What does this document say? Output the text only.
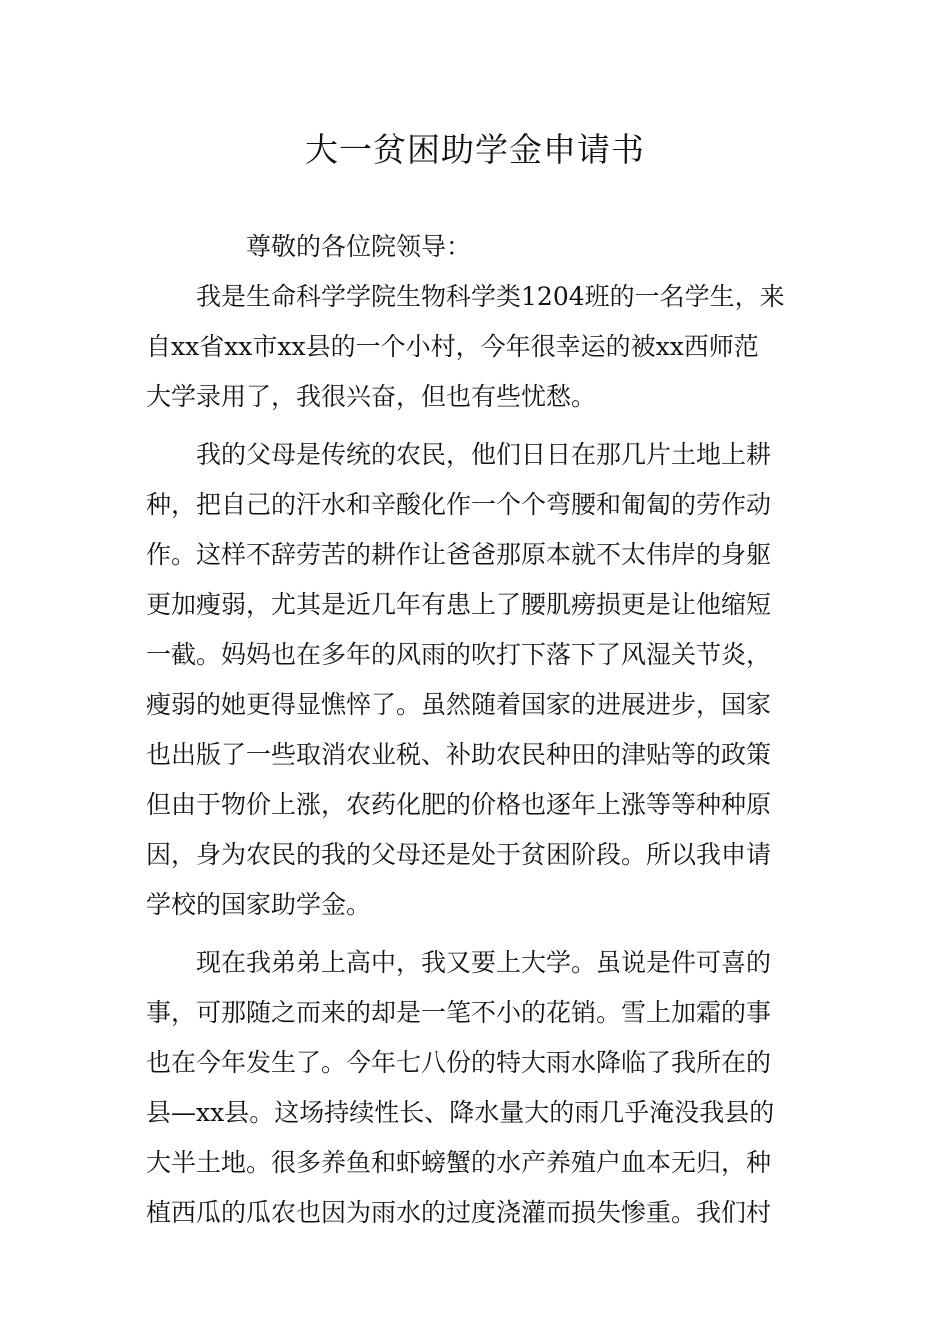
大一贫困助学金申请书
尊敬的各位院领导：
我是生命科学学院生物科学类1204班的一名学生，来
自xx省xx市xx县的一个小村，今年很幸运的被xx西师范
大学录用了，我很兴奋，但也有些忧愁。
我的父母是传统的农民，他们日日在那几片土地上耕
种，把自己的汗水和辛酸化作一个个弯腰和匍匐的劳作动
作。这样不辞劳苦的耕作让爸爸那原本就不太伟岸的身躯
更加瘦弱，尤其是近几年有患上了腰肌痨损更是让他缩短
一截。妈妈也在多年的风雨的吹打下落下了风湿关节炎，
瘦弱的她更得显憔悴了。虽然随着国家的进展进步，国家
也出版了一些取消农业税、补助农民种田的津贴等的政策
但由于物价上涨，农药化肥的价格也逐年上涨等等种种原
因，身为农民的我的父母还是处于贫困阶段。所以我申请
学校的国家助学金。
现在我弟弟上高中，我又要上大学。虽说是件可喜的
事，可那随之而来的却是一笔不小的花销。雪上加霜的事
也在今年发生了。今年七八份的特大雨水降临了我所在的
县—xx县。这场持续性长、降水量大的雨几乎淹没我县的
大半土地。很多养鱼和虾螃蟹的水产养殖户血本无归，种
植西瓜的瓜农也因为雨水的过度浇灌而损失惨重。我们村
